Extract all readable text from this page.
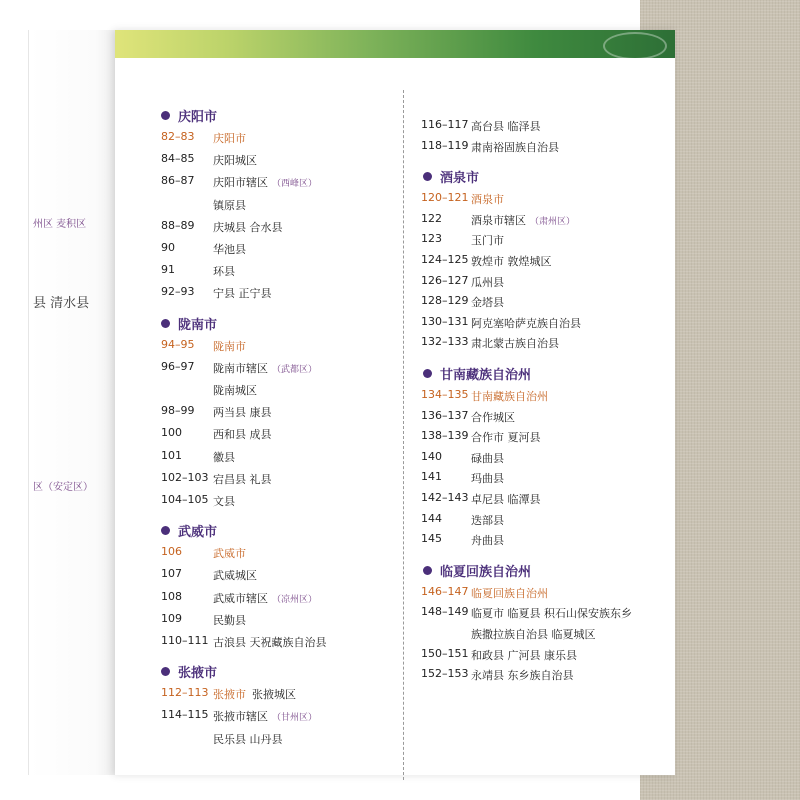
州区 麦积区
县 清水县
区（安定区）
庆阳市
82–83 庆阳市
84–85 庆阳城区
86–87 庆阳市辖区 （西峰区）
镇原县
88–89 庆城县 合水县
90	华池县
91	环县
92–93 宁县 正宁县
陇南市
94–95 陇南市
96–97 陇南市辖区 （武都区）
陇南城区
98–99 两当县 康县
100	西和县 成县
101	徽县
102–103 宕昌县 礼县
104–105 文县
武威市
106	武威市
107	武威城区
108	武威市辖区 （凉州区）
109	民勤县
110–111 古浪县 天祝藏族自治县
张掖市
112–113 张掖市 张掖城区
114–115 张掖市辖区 （甘州区）
民乐县 山丹县
116–117 高台县 临泽县
118–119 肃南裕固族自治县
酒泉市
120–121 酒泉市
122	酒泉市辖区 （肃州区）
123	玉门市
124–125 敦煌市 敦煌城区
126–127 瓜州县
128–129 金塔县
130–131 阿克塞哈萨克族自治县
132–133 肃北蒙古族自治县
甘南藏族自治州
134–135 甘南藏族自治州
136–137 合作城区
138–139 合作市 夏河县
140	碌曲县
141	玛曲县
142–143 卓尼县 临潭县
144	迭部县
145	舟曲县
临夏回族自治州
146–147 临夏回族自治州
148–149 临夏市 临夏县 积石山保安族东乡
族撒拉族自治县 临夏城区
150–151 和政县 广河县 康乐县
152–153 永靖县 东乡族自治县
